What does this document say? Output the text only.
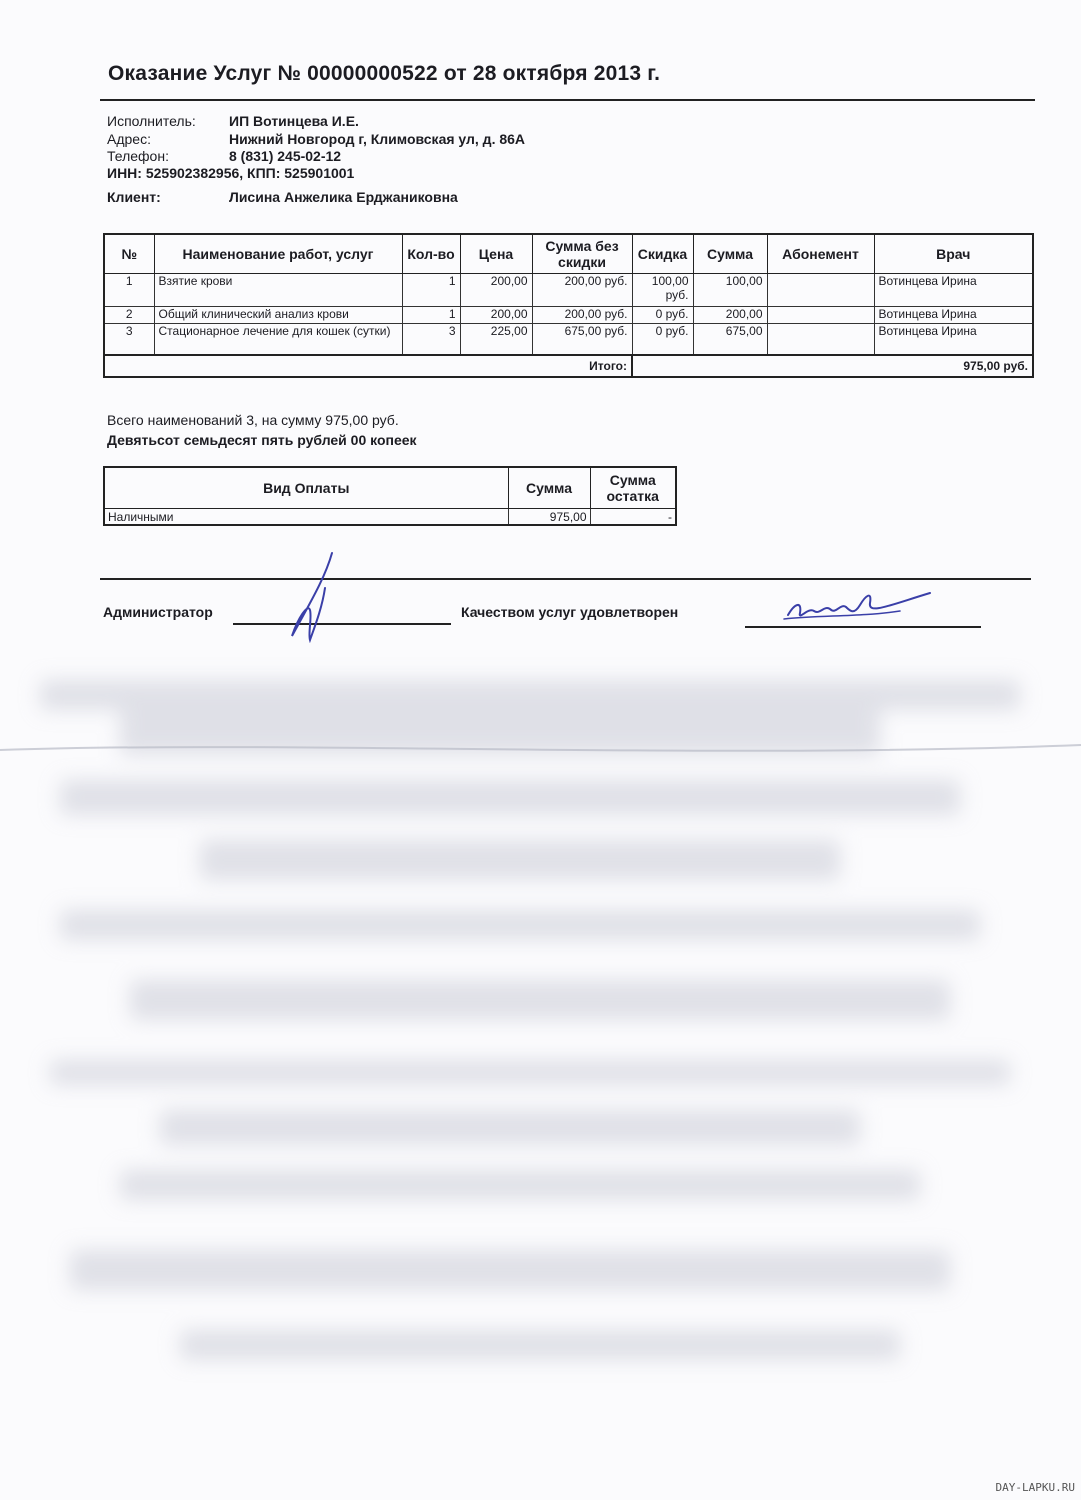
Оказание Услуг № 00000000522 от 28 октября 2013 г.
Исполнитель: ИП Вотинцева И.Е.
Адрес:	Нижний Новгород г, Климовская ул, д. 86А
Телефон:	8 (831) 245-02-12
ИНН: 525902382956, КПП: 525901001
Клиент:	Лисина Анжелика Ерджаниковна
№	Наименование работ, услуг	Кол-во	Цена	Сумма без скидки	Скидка	Сумма	Абонемент	Врач
1	Взятие крови	1	200,00	200,00 руб.	100,00 руб.	100,00		Вотинцева Ирина
2	Общий клинический анализ крови	1	200,00	200,00 руб.	0 руб.	200,00		Вотинцева Ирина
3	Стационарное лечение для кошек (сутки)	3	225,00	675,00 руб.	0 руб.	675,00		Вотинцева Ирина
Итого:					975,00 руб.			
Всего наименований 3, на сумму 975,00 руб.
Девятьсот семьдесят пять рублей 00 копеек
Вид Оплаты	Сумма	Сумма остатка
Наличными	975,00	-
Администратор	Качеством услуг удовлетворен
DAY-LAPKU.RU
